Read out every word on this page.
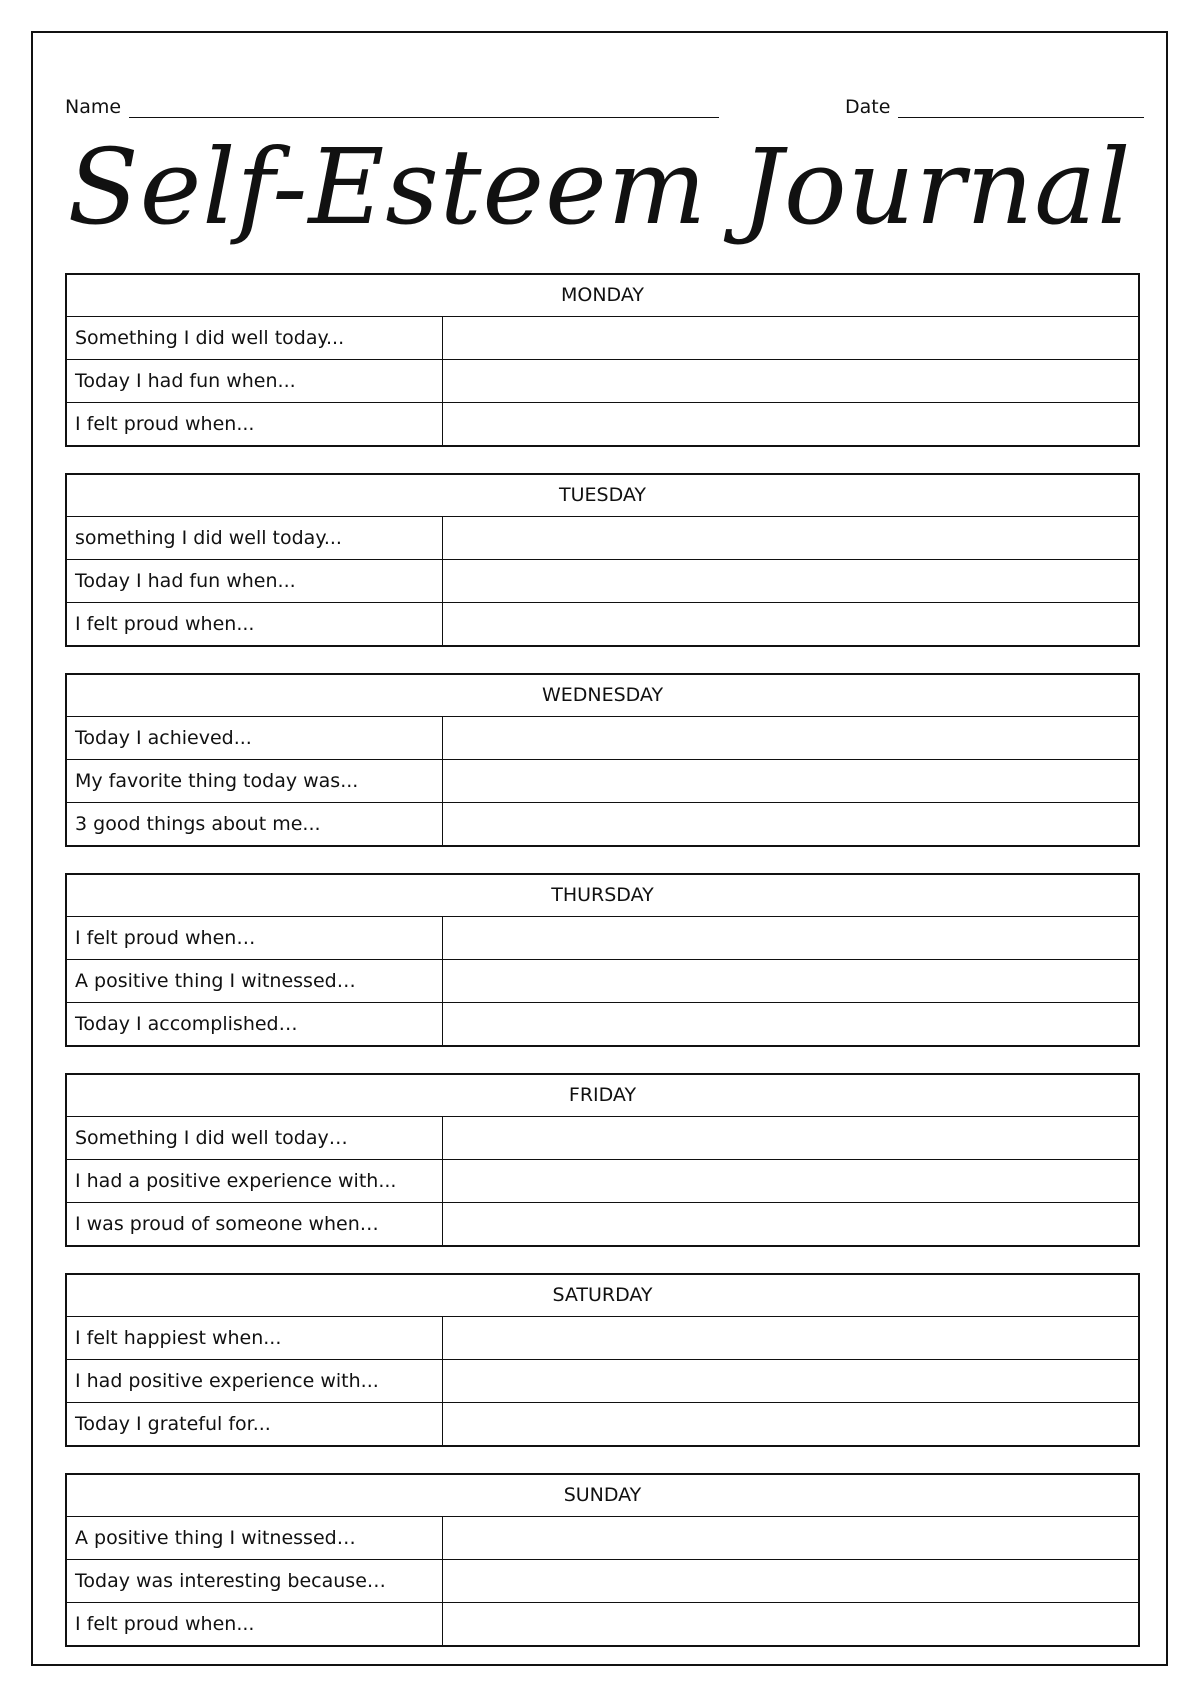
Name	Date
Self-Esteem Journal
MONDAY
Something I did well today...
Today I had fun when...
I felt proud when...
TUESDAY
something I did well today...
Today I had fun when...
I felt proud when...
WEDNESDAY
Today I achieved...
My favorite thing today was...
3 good things about me...
THURSDAY
I felt proud when…
A positive thing I witnessed…
Today I accomplished…
FRIDAY
Something I did well today…
I had a positive experience with...
I was proud of someone when…
SATURDAY
I felt happiest when...
I had positive experience with...
Today I grateful for...
SUNDAY
A positive thing I witnessed…
Today was interesting because…
I felt proud when...
